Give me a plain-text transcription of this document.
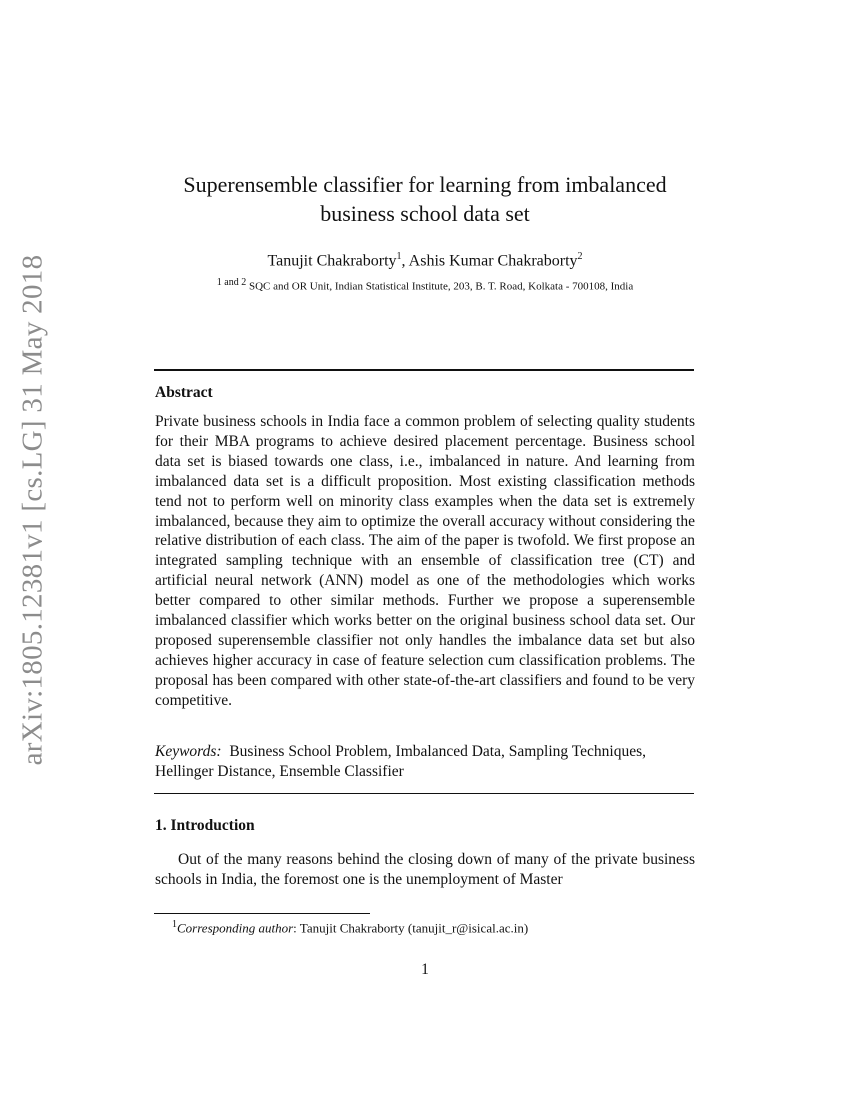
arXiv:1805.12381v1 [cs.LG] 31 May 2018
Superensemble classifier for learning from imbalanced business school data set
Tanujit Chakraborty$^1$, Ashis Kumar Chakraborty$^2$
$^{1 and 2}$ SQC and OR Unit, Indian Statistical Institute, 203, B. T. Road, Kolkata - 700108, India
Abstract
Private business schools in India face a common problem of selecting quality students for their MBA programs to achieve desired placement percentage. Business school data set is biased towards one class, i.e., imbalanced in nature. And learning from imbalanced data set is a difficult proposition. Most existing classification methods tend not to perform well on minority class examples when the data set is extremely imbalanced, because they aim to optimize the overall accuracy without considering the relative distribution of each class. The aim of the paper is twofold. We first propose an integrated sampling technique with an ensemble of classification tree (CT) and artificial neural network (ANN) model as one of the methodologies which works better compared to other similar methods. Further we propose a superensemble imbalanced classifier which works better on the original business school data set. Our proposed superensemble classifier not only handles the imbalance data set but also achieves higher accuracy in case of feature selection cum classification problems. The proposal has been compared with other state-of-the-art classifiers and found to be very competitive.
Keywords: Business School Problem, Imbalanced Data, Sampling Techniques, Hellinger Distance, Ensemble Classifier
1. Introduction
Out of the many reasons behind the closing down of many of the private business schools in India, the foremost one is the unemployment of Master
$^1$Corresponding author: Tanujit Chakraborty (tanujit_r@isical.ac.in)
1
